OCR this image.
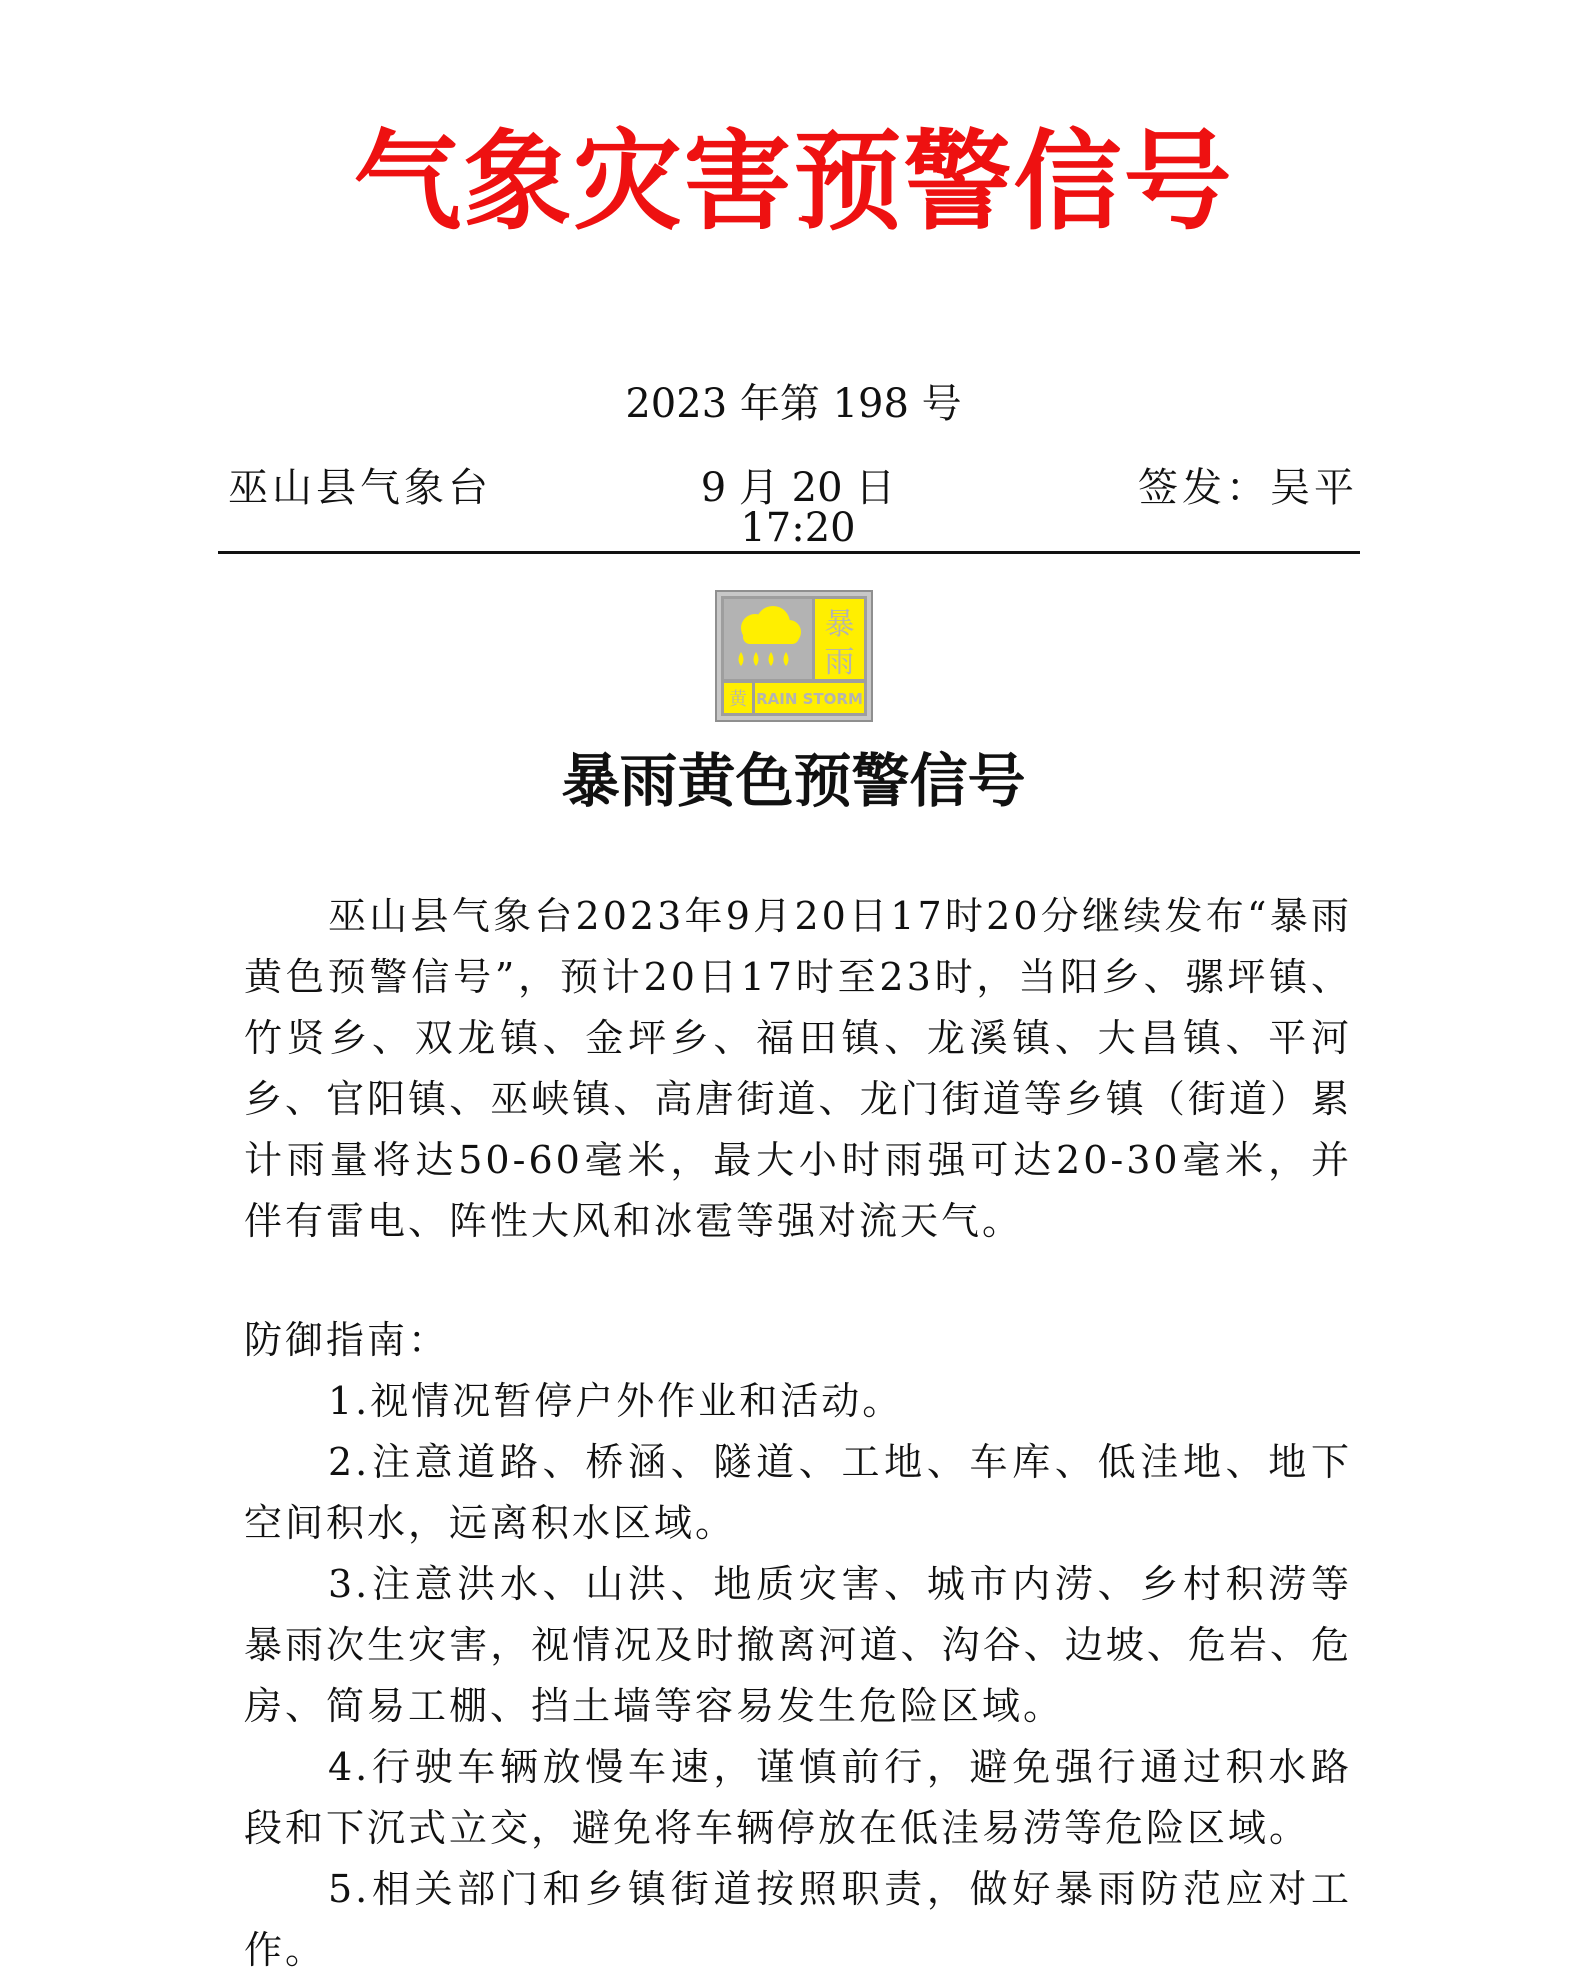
气象灾害预警信号
2023 年第 198 号
巫山县气象台	9 月 20 日 17:20
签发：吴平
暴
雨
黄 RAIN STORM
暴雨黄色预警信号

巫山县气象台2023年9月20日17时20分继续发布“暴雨黄色预警信号”，预计20日17时至23时，当阳乡、骡坪镇、竹贤乡、双龙镇、金坪乡、福田镇、龙溪镇、大昌镇、平河乡、官阳镇、巫峡镇、高唐街道、龙门街道等乡镇（街道）累计雨量将达50-60毫米，最大小时雨强可达20-30毫米，并伴有雷电、阵性大风和冰雹等强对流天气。

防御指南：

1.视情况暂停户外作业和活动。

2.注意道路、桥涵、隧道、工地、车库、低洼地、地下空间积水，远离积水区域。

3.注意洪水、山洪、地质灾害、城市内涝、乡村积涝等暴雨次生灾害，视情况及时撤离河道、沟谷、边坡、危岩、危房、简易工棚、挡土墙等容易发生危险区域。

4.行驶车辆放慢车速，谨慎前行，避免强行通过积水路段和下沉式立交，避免将车辆停放在低洼易涝等危险区域。

5.相关部门和乡镇街道按照职责，做好暴雨防范应对工作。
